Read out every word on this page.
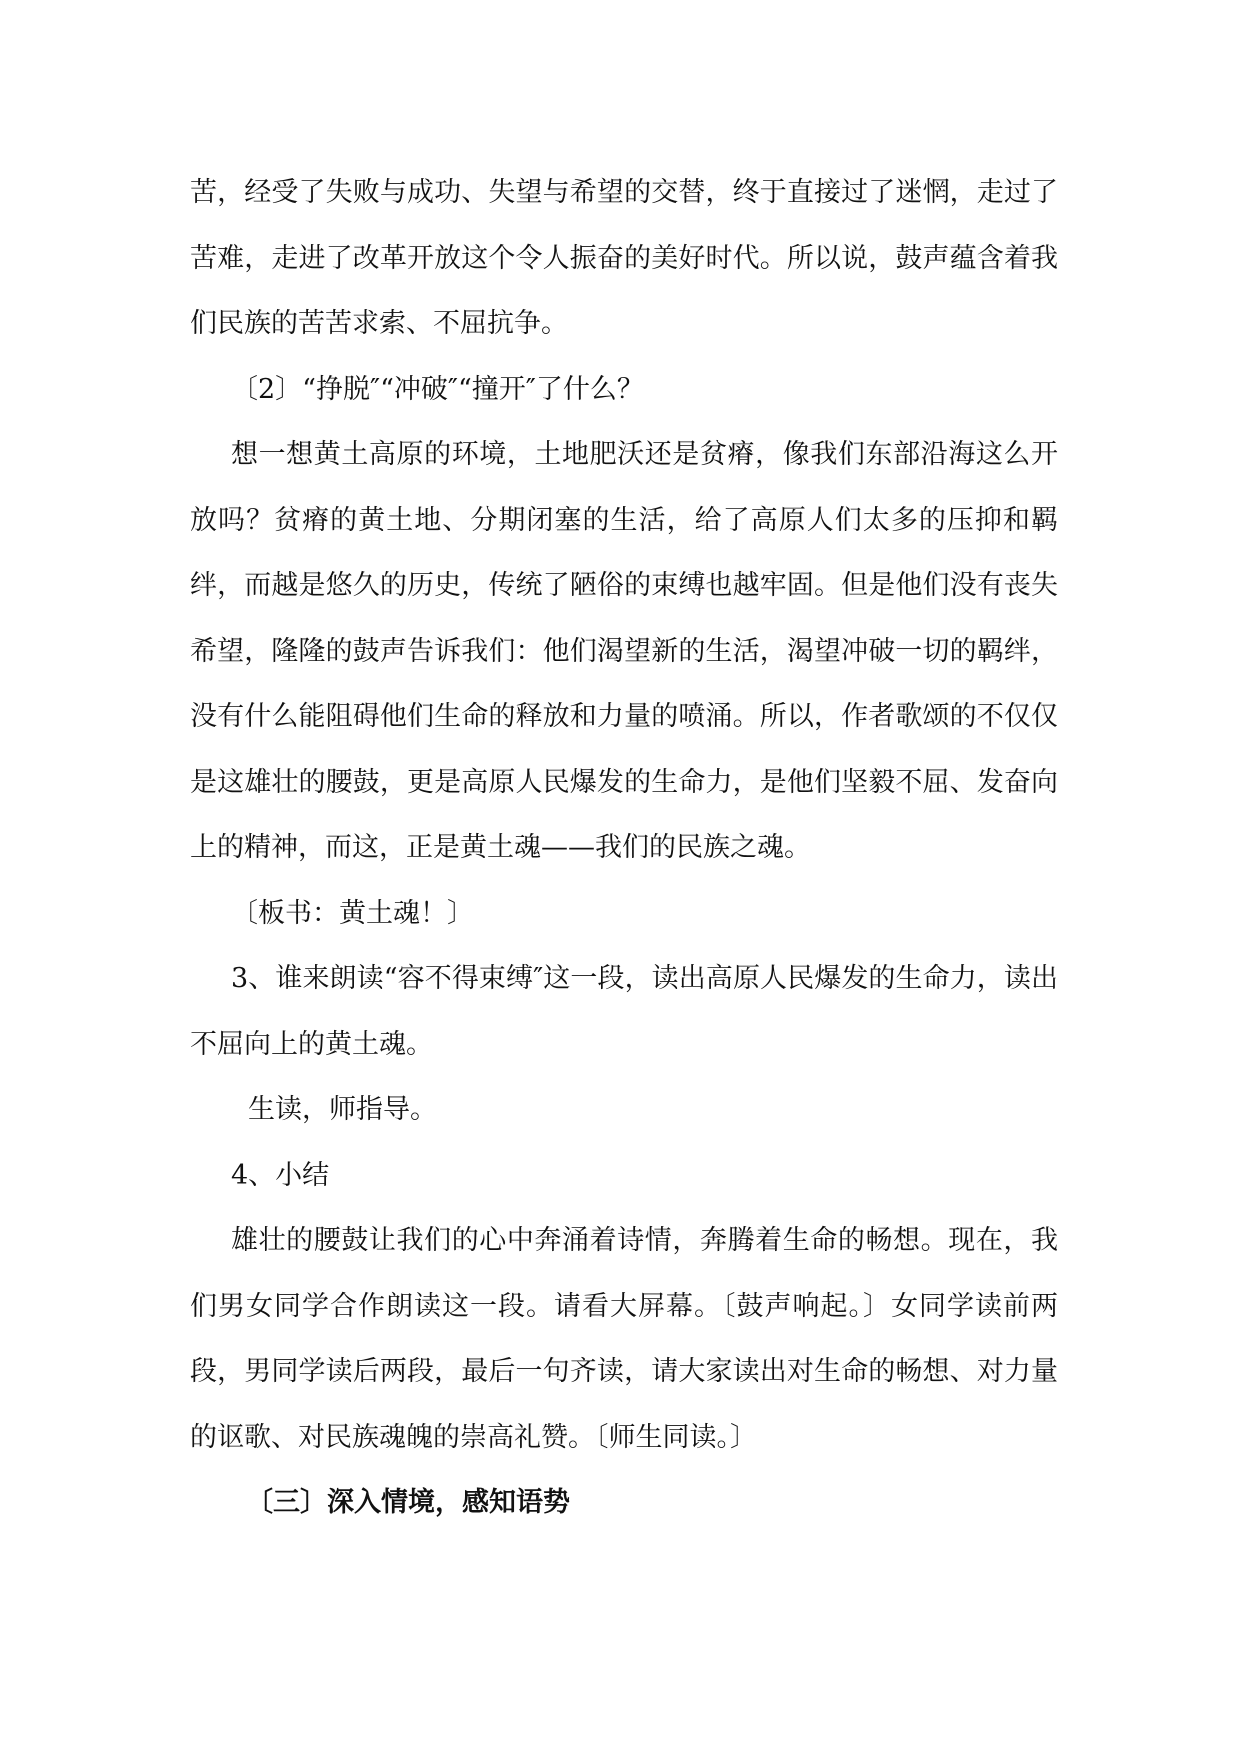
苦，经受了失败与成功、失望与希望的交替，终于直接过了迷惘，走过了苦难，走进了改革开放这个令人振奋的美好时代。所以说，鼓声蕴含着我们民族的苦苦求索、不屈抗争。

〔2〕“挣脱″“冲破″“撞开″了什么？

想一想黄土高原的环境，土地肥沃还是贫瘠，像我们东部沿海这么开放吗？贫瘠的黄土地、分期闭塞的生活，给了高原人们太多的压抑和羁绊，而越是悠久的历史，传统了陋俗的束缚也越牢固。但是他们没有丧失希望，隆隆的鼓声告诉我们：他们渴望新的生活，渴望冲破一切的羁绊，没有什么能阻碍他们生命的释放和力量的喷涌。所以，作者歌颂的不仅仅是这雄壮的腰鼓，更是高原人民爆发的生命力，是他们坚毅不屈、发奋向上的精神，而这，正是黄土魂——我们的民族之魂。

〔板书：黄土魂！〕

3、谁来朗读“容不得束缚″这一段，读出高原人民爆发的生命力，读出不屈向上的黄土魂。

生读，师指导。

4、小结

雄壮的腰鼓让我们的心中奔涌着诗情，奔腾着生命的畅想。现在，我们男女同学合作朗读这一段。请看大屏幕。〔鼓声响起。〕女同学读前两段，男同学读后两段，最后一句齐读，请大家读出对生命的畅想、对力量的讴歌、对民族魂魄的崇高礼赞。〔师生同读。〕

〔三〕深入情境，感知语势
